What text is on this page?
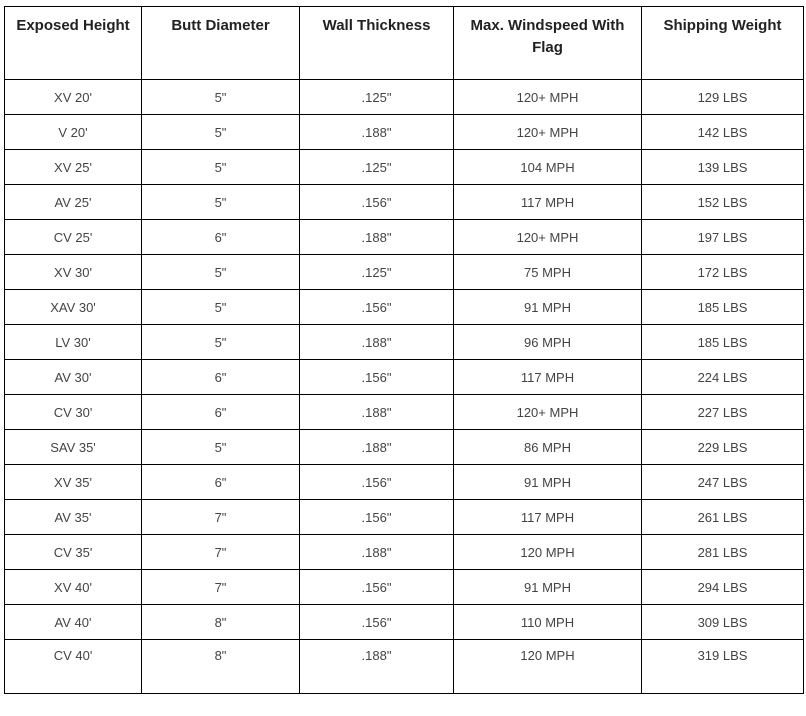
Exposed Height	Butt Diameter	Wall Thickness	Max. Windspeed With Flag	Shipping Weight
XV 20'	5"	.125"	120+ MPH	129 LBS
V 20'	5"	.188"	120+ MPH	142 LBS
XV 25'	5"	.125"	104 MPH	139 LBS
AV 25'	5"	.156"	117 MPH	152 LBS
CV 25'	6"	.188"	120+ MPH	197 LBS
XV 30'	5"	.125"	75 MPH	172 LBS
XAV 30'	5"	.156"	91 MPH	185 LBS
LV 30'	5"	.188"	96 MPH	185 LBS
AV 30'	6"	.156"	117 MPH	224 LBS
CV 30'	6"	.188"	120+ MPH	227 LBS
SAV 35'	5"	.188"	86 MPH	229 LBS
XV 35'	6"	.156"	91 MPH	247 LBS
AV 35'	7"	.156"	117 MPH	261 LBS
CV 35'	7"	.188"	120 MPH	281 LBS
XV 40'	7"	.156"	91 MPH	294 LBS
AV 40'	8"	.156"	110 MPH	309 LBS
CV 40'	8"	.188"	120 MPH	319 LBS
